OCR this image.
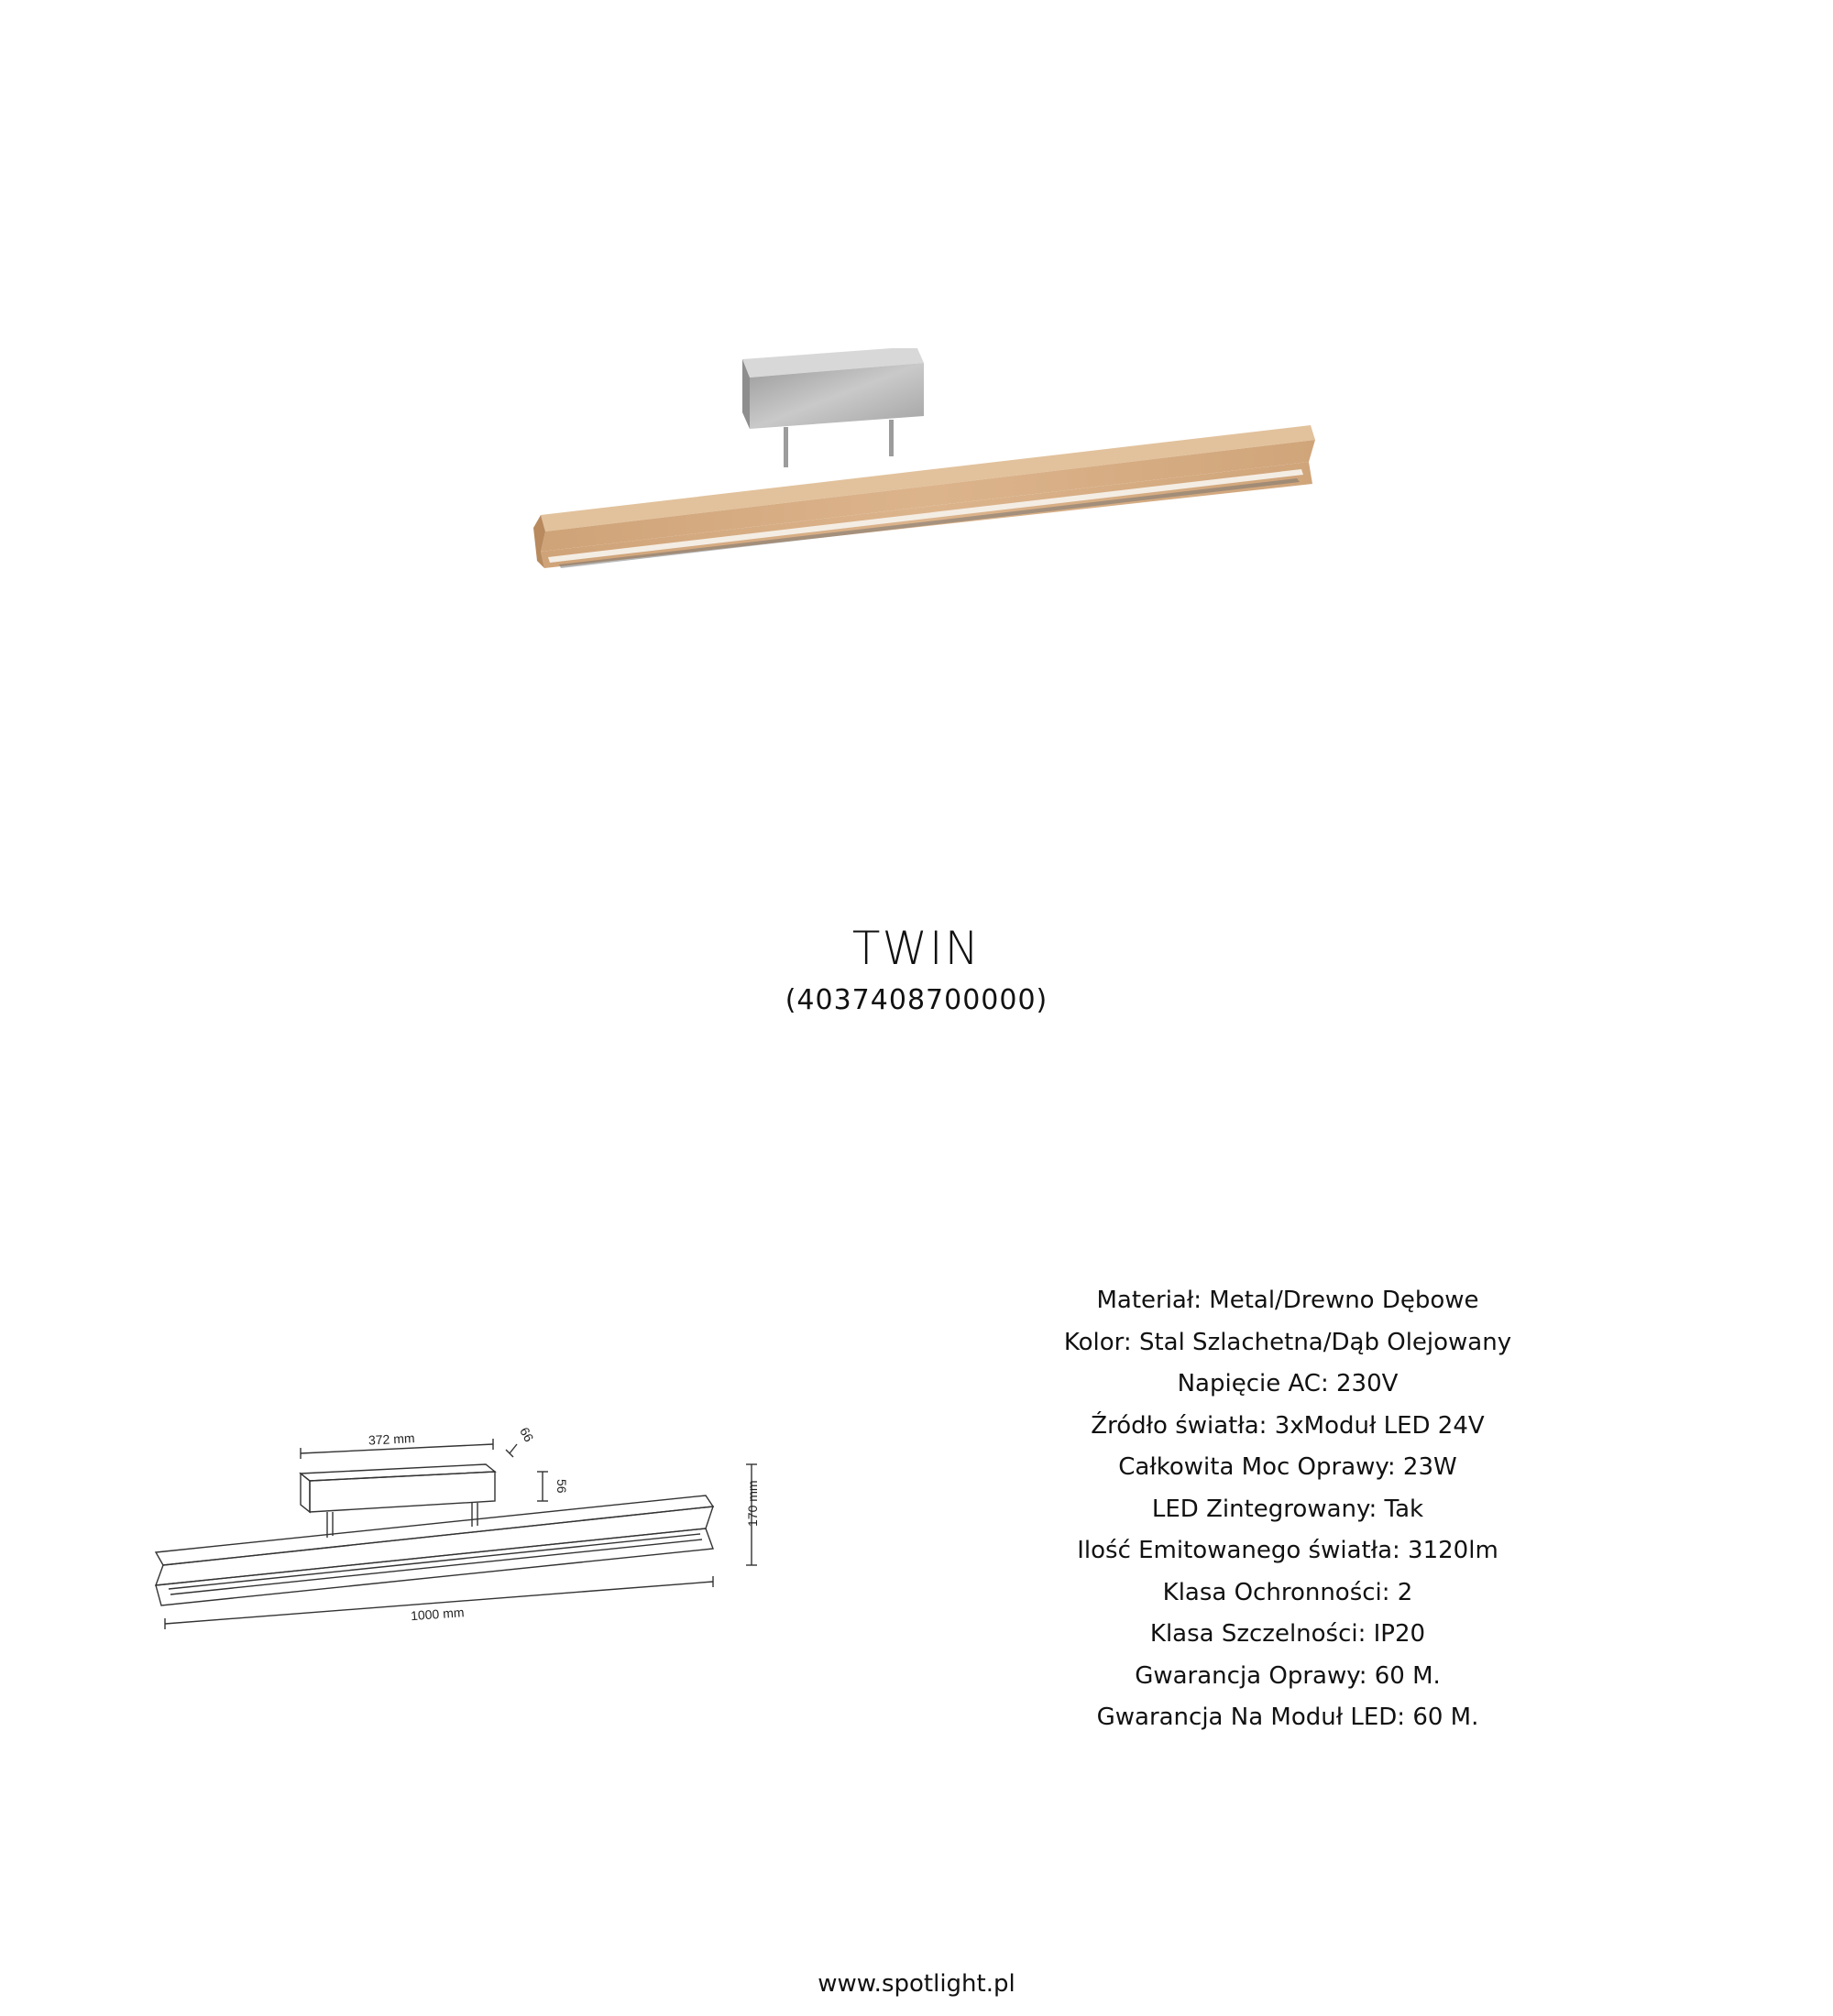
TWIN
(4037408700000)
372 mm	66
56	170 mm
1000 mm
Materiał: Metal/Drewno Dębowe
Kolor: Stal Szlachetna/Dąb Olejowany
Napięcie AC: 230V
Źródło światła: 3xModuł LED 24V
Całkowita Moc Oprawy: 23W
LED Zintegrowany: Tak
Ilość Emitowanego światła: 3120lm
Klasa Ochronności: 2
Klasa Szczelności: IP20
Gwarancja Oprawy: 60 M.
Gwarancja Na Moduł LED: 60 M.
www.spotlight.pl
